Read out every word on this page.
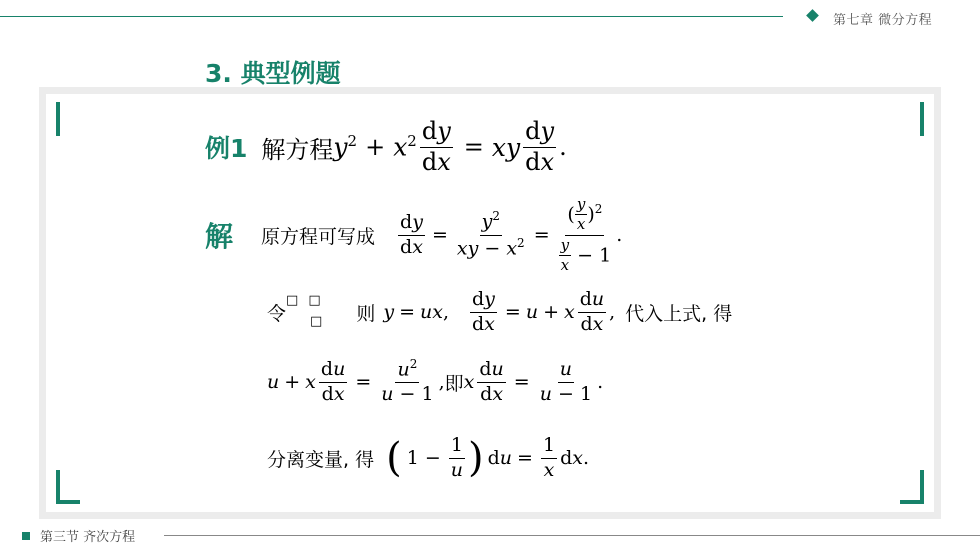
第七章 微分方程
3. 典型例题
例1 解方程 $y^2 + x^2 \frac{dy}{dx}$ = xy $\frac{dy}{dx}$ .
解 原方程可写成 $\frac{dy}{dx} = \frac{y^2}{xy - x^2} = \frac{( \frac{y}{x} )^2}{\frac{y}{x} - 1}$ .
令
□ □
□ 则 y = ux , $\frac{dy}{dx} = u + x \frac{du}{dx}$ , 代入上式, 得
u + x $\frac{du}{dx} = \frac{u^2}{u - 1}$ , 即 x $\frac{du}{dx} = \frac{u}{u - 1}$ .
分离变量, 得 ( $1 - \frac{1}{u}$ ) d $u = \frac{1}{x}$ d x .
第三节 齐次方程
